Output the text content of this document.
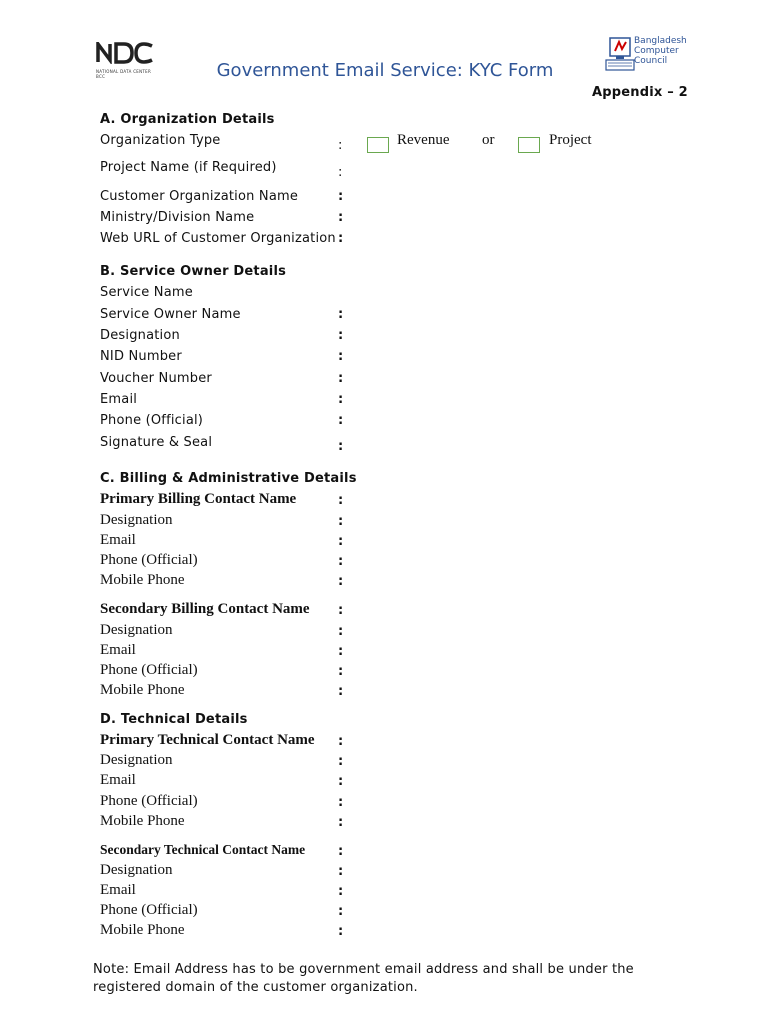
NATIONAL DATA CENTER BCC
Bangladesh
Computer
Council
Government Email Service: KYC Form
Appendix – 2
A. Organization Details
Organization Type	:	Revenue or	Project
Project Name (if Required)	:
Customer Organization Name	:
Ministry/Division Name	:
Web URL of Customer Organization :
B. Service Owner Details
Service Name
Service Owner Name	:
Designation	:
NID Number	:
Voucher Number	:
Email	:
Phone (Official)	:
Signature & Seal	:
C. Billing & Administrative Details
Primary Billing Contact Name	:
Designation	:
Email	:
Phone (Official)	:
Mobile Phone	:
Secondary Billing Contact Name :
Designation	:
Email	:
Phone (Official)	:
Mobile Phone	:
D. Technical Details
Primary Technical Contact Name :
Designation	:
Email	:
Phone (Official)	:
Mobile Phone	:
Secondary Technical Contact Name	:
Designation	:
Email	:
Phone (Official)	:
Mobile Phone	:
Note: Email Address has to be government email address and shall be under the registered domain of the customer organization.
